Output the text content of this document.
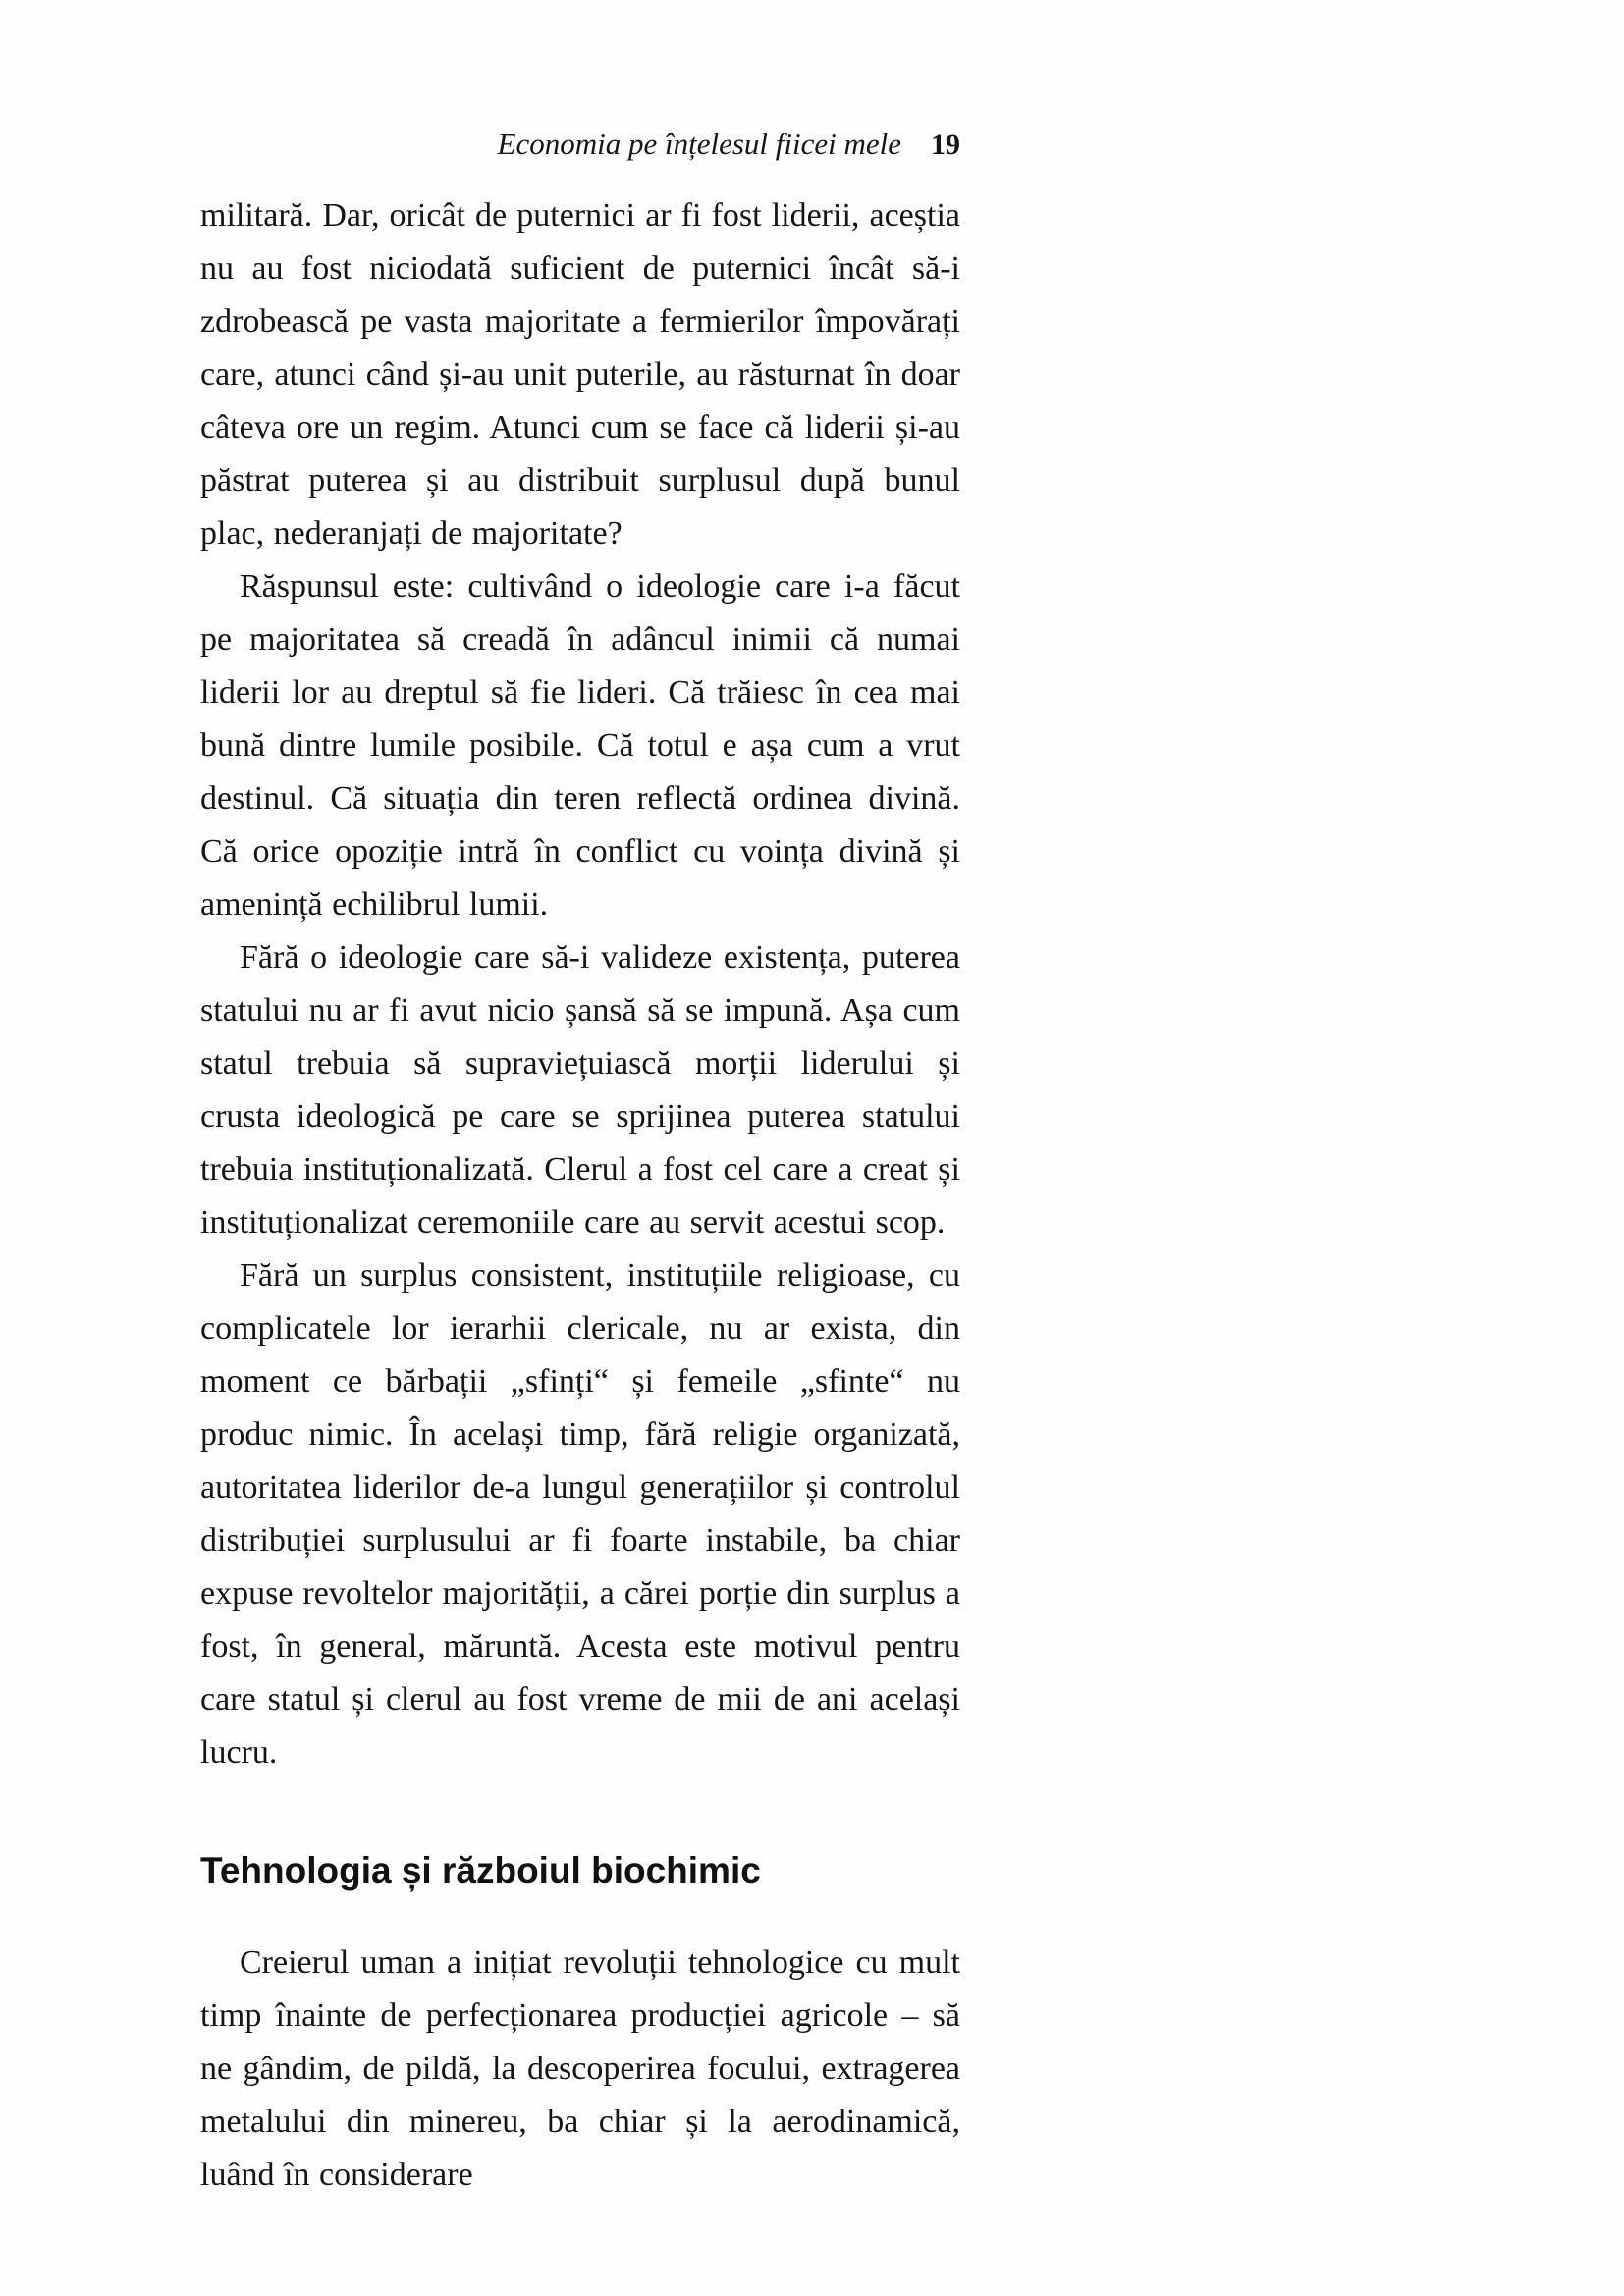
Economia pe înțelesul fiicei mele 19

militară. Dar, oricât de puternici ar fi fost liderii, aceștia nu au fost niciodată suficient de puternici încât să-i zdrobească pe vasta majoritate a fermierilor împovărați care, atunci când și-au unit puterile, au răsturnat în doar câteva ore un regim. Atunci cum se face că liderii și-au păstrat puterea și au distribuit surplusul după bunul plac, nederanjați de majoritate?

Răspunsul este: cultivând o ideologie care i-a făcut pe majoritatea să creadă în adâncul inimii că numai liderii lor au dreptul să fie lideri. Că trăiesc în cea mai bună dintre lumile posibile. Că totul e așa cum a vrut destinul. Că situația din teren reflectă ordinea divină. Că orice opoziție intră în conflict cu voința divină și amenință echilibrul lumii.

Fără o ideologie care să-i valideze existența, puterea statului nu ar fi avut nicio șansă să se impună. Așa cum statul trebuia să supraviețuiască morții liderului și crusta ideologică pe care se sprijinea puterea statului trebuia instituționalizată. Clerul a fost cel care a creat și instituționalizat ceremoniile care au servit acestui scop.

Fără un surplus consistent, instituțiile religioase, cu complicatele lor ierarhii clericale, nu ar exista, din moment ce bărbații „sfinți“ și femeile „sfinte“ nu produc nimic. În același timp, fără religie organizată, autoritatea liderilor de-a lungul generațiilor și controlul distribuției surplusului ar fi foarte instabile, ba chiar expuse revoltelor majorității, a cărei porție din surplus a fost, în general, măruntă. Acesta este motivul pentru care statul și clerul au fost vreme de mii de ani același lucru.

Tehnologia și războiul biochimic

Creierul uman a inițiat revoluții tehnologice cu mult timp înainte de perfecționarea producției agricole – să ne gândim, de pildă, la descoperirea focului, extragerea metalului din minereu, ba chiar și la aerodinamică, luând în considerare
